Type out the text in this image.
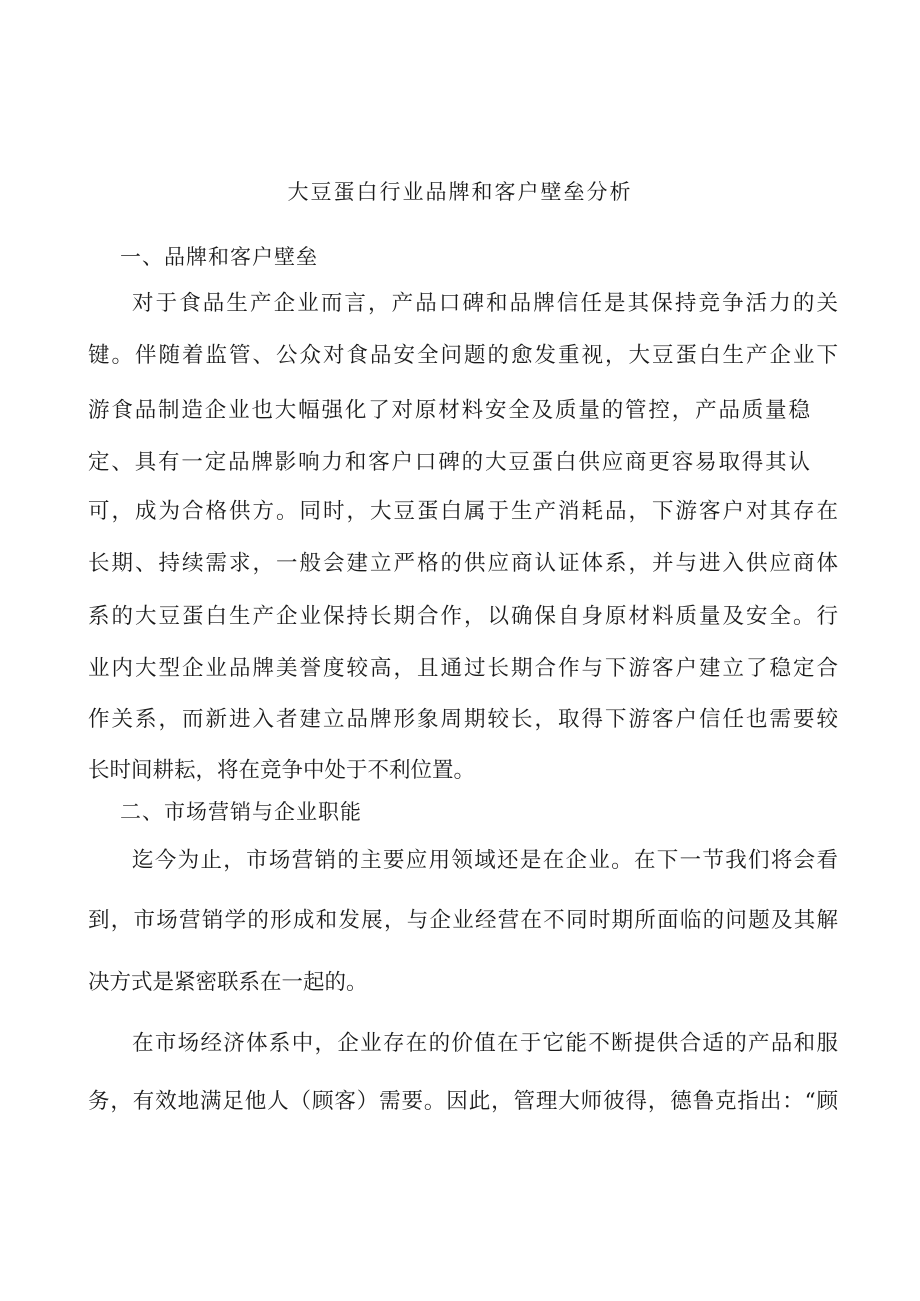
大豆蛋白行业品牌和客户壁垒分析
一、品牌和客户壁垒
对于食品生产企业而言，产品口碑和品牌信任是其保持竞争活力的关
键。伴随着监管、公众对食品安全问题的愈发重视，大豆蛋白生产企业下
游食品制造企业也大幅强化了对原材料安全及质量的管控，产品质量稳
定、具有一定品牌影响力和客户口碑的大豆蛋白供应商更容易取得其认
可，成为合格供方。同时，大豆蛋白属于生产消耗品，下游客户对其存在
长期、持续需求，一般会建立严格的供应商认证体系，并与进入供应商体
系的大豆蛋白生产企业保持长期合作，以确保自身原材料质量及安全。行
业内大型企业品牌美誉度较高，且通过长期合作与下游客户建立了稳定合
作关系，而新进入者建立品牌形象周期较长，取得下游客户信任也需要较
长时间耕耘，将在竞争中处于不利位置。
二、市场营销与企业职能
迄今为止，市场营销的主要应用领域还是在企业。在下一节我们将会看
到，市场营销学的形成和发展，与企业经营在不同时期所面临的问题及其解
决方式是紧密联系在一起的。
在市场经济体系中，企业存在的价值在于它能不断提供合适的产品和服
务，有效地满足他人（顾客）需要。因此，管理大师彼得，德鲁克指出：“顾
